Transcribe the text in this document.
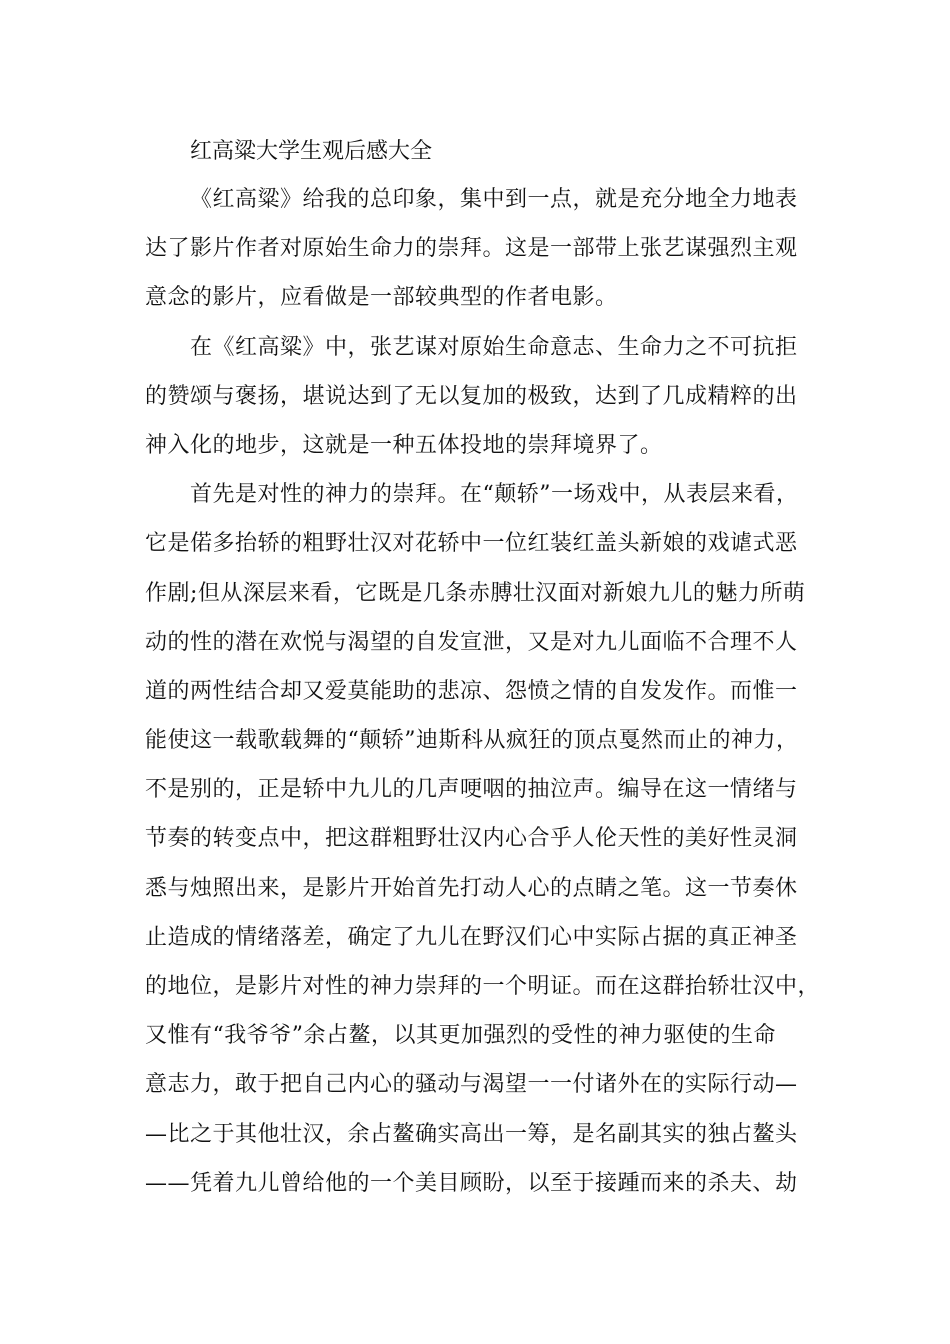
红高粱大学生观后感大全
《红高粱》给我的总印象，集中到一点，就是充分地全力地表
达了影片作者对原始生命力的崇拜。这是一部带上张艺谋强烈主观
意念的影片，应看做是一部较典型的作者电影。
在《红高粱》中，张艺谋对原始生命意志、生命力之不可抗拒
的赞颂与褒扬，堪说达到了无以复加的极致，达到了几成精粹的出
神入化的地步，这就是一种五体投地的崇拜境界了。
首先是对性的神力的崇拜。在“颠轿”一场戏中，从表层来看，
它是偌多抬轿的粗野壮汉对花轿中一位红装红盖头新娘的戏谑式恶
作剧;但从深层来看，它既是几条赤膊壮汉面对新娘九儿的魅力所萌
动的性的潜在欢悦与渴望的自发宣泄，又是对九儿面临不合理不人
道的两性结合却又爱莫能助的悲凉、怨愤之情的自发发作。而惟一
能使这一载歌载舞的“颠轿”迪斯科从疯狂的顶点戛然而止的神力，
不是别的，正是轿中九儿的几声哽咽的抽泣声。编导在这一情绪与
节奏的转变点中，把这群粗野壮汉内心合乎人伦天性的美好性灵洞
悉与烛照出来，是影片开始首先打动人心的点睛之笔。这一节奏休
止造成的情绪落差，确定了九儿在野汉们心中实际占据的真正神圣
的地位，是影片对性的神力崇拜的一个明证。而在这群抬轿壮汉中，
又惟有“我爷爷”余占鳌，以其更加强烈的受性的神力驱使的生命
意志力，敢于把自己内心的骚动与渴望一一付诸外在的实际行动—
—比之于其他壮汉，余占鳌确实高出一筹，是名副其实的独占鳌头
——凭着九儿曾给他的一个美目顾盼，以至于接踵而来的杀夫、劫
